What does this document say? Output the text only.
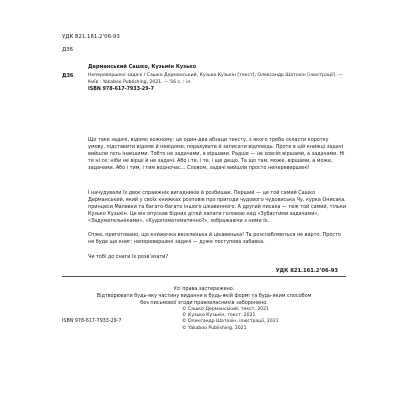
УДК 821.161.2’06-93
Д36
Дерманський Сашко, Кузьмін Кузько
Д36	Неперевершені задачі / Сашко Дерманський, Кузько Кузькін [текст], Олександр Шатохін [ілюстрації]. — Київ : Yakaboo Publishing, 2021. — 56 с. : іл.
ISBN 978-617-7933-29-7
Що таке задачі, відомо кожному: це один-два абзаци тексту, з якого треба скласти коротку умову, підставити відоме й невідоме, порахувати й записати відповідь. Проте в цій книжці задачі вийшли геть інакшими. Тобто не задачами, а віршами. Радше — не зовсім віршами, а задачами. Ні те ні се: ніби не вірші й не задачі. Або і те, і те, і ще дещо. Та що там, може, віршами, а може, задачами. Або і тим, і тим водночас… Словом, задачі вийшли просто неперевершені!
І начудували їх двоє справжніх вигадників й розбишак. Перший — це той самий Сашко Дерманський, який у своїх книжках розповів про пригоди чудового чудовиська Чу, курка Онисака, принцеси Малевки та багато-багато іншого цікавенного. А другий писака — теж той самий, тільки Кузько Кузькін. Це він опускав бідних дітей лапати головою над «Зубастими задачами», «Задумательніками», «Кудопоматематично?», зображаючи з ними їх.
Отже, приготовано, що книжечка веселенька й цікавенька! Та розслабляються не варто. Просто не буде ще книг: неперевершені задачі — дуже поступова забавка.
Чи тобі до снаги їх розв’язати?
УДК 821.161.2’06-93
Усі права застережено.
Відтворювати будь-яку частину видання в будь-якій формі та будь-яким способом
без письмової згоди правовласників заборонено.
© Сашко Дерманський, текст, 2021
© Кузько Кузькін, текст, 2021
© Олександр Шатохін, ілюстрації, 2021
© Yakaboo Publishing, 2021
ISBN 978-617-7933-29-7
